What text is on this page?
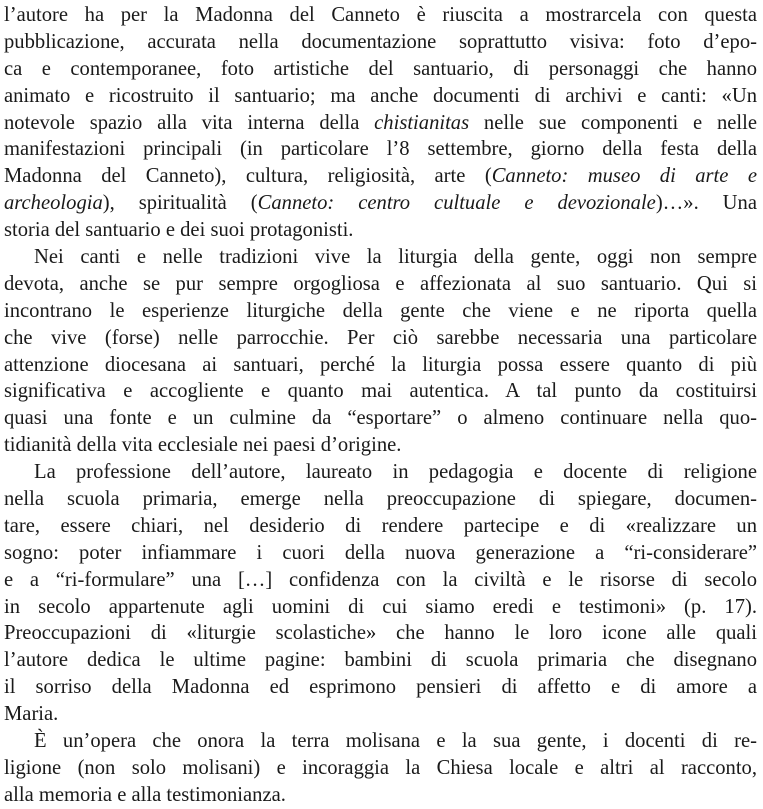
l’autore ha per la Madonna del Canneto è riuscita a mostrarcela con questa
pubblicazione, accurata nella documentazione soprattutto visiva: foto d’epo-
ca e contemporanee, foto artistiche del santuario, di personaggi che hanno
animato e ricostruito il santuario; ma anche documenti di archivi e canti: «Un
notevole spazio alla vita interna della chistianitas nelle sue componenti e nelle
manifestazioni principali (in particolare l’8 settembre, giorno della festa della
Madonna del Canneto), cultura, religiosità, arte (Canneto: museo di arte e
archeologia), spiritualità (Canneto: centro cultuale e devozionale)…». Una
storia del santuario e dei suoi protagonisti.
Nei canti e nelle tradizioni vive la liturgia della gente, oggi non sempre
devota, anche se pur sempre orgogliosa e affezionata al suo santuario. Qui si
incontrano le esperienze liturgiche della gente che viene e ne riporta quella
che vive (forse) nelle parrocchie. Per ciò sarebbe necessaria una particolare
attenzione diocesana ai santuari, perché la liturgia possa essere quanto di più
significativa e accogliente e quanto mai autentica. A tal punto da costituirsi
quasi una fonte e un culmine da “esportare” o almeno continuare nella quo-
tidianità della vita ecclesiale nei paesi d’origine.
La professione dell’autore, laureato in pedagogia e docente di religione
nella scuola primaria, emerge nella preoccupazione di spiegare, documen-
tare, essere chiari, nel desiderio di rendere partecipe e di «realizzare un
sogno: poter infiammare i cuori della nuova generazione a “ri-considerare”
e a “ri-formulare” una […] confidenza con la civiltà e le risorse di secolo
in secolo appartenute agli uomini di cui siamo eredi e testimoni» (p. 17).
Preoccupazioni di «liturgie scolastiche» che hanno le loro icone alle quali
l’autore dedica le ultime pagine: bambini di scuola primaria che disegnano
il sorriso della Madonna ed esprimono pensieri di affetto e di amore a
Maria.
È un’opera che onora la terra molisana e la sua gente, i docenti di re-
ligione (non solo molisani) e incoraggia la Chiesa locale e altri al racconto,
alla memoria e alla testimonianza.
